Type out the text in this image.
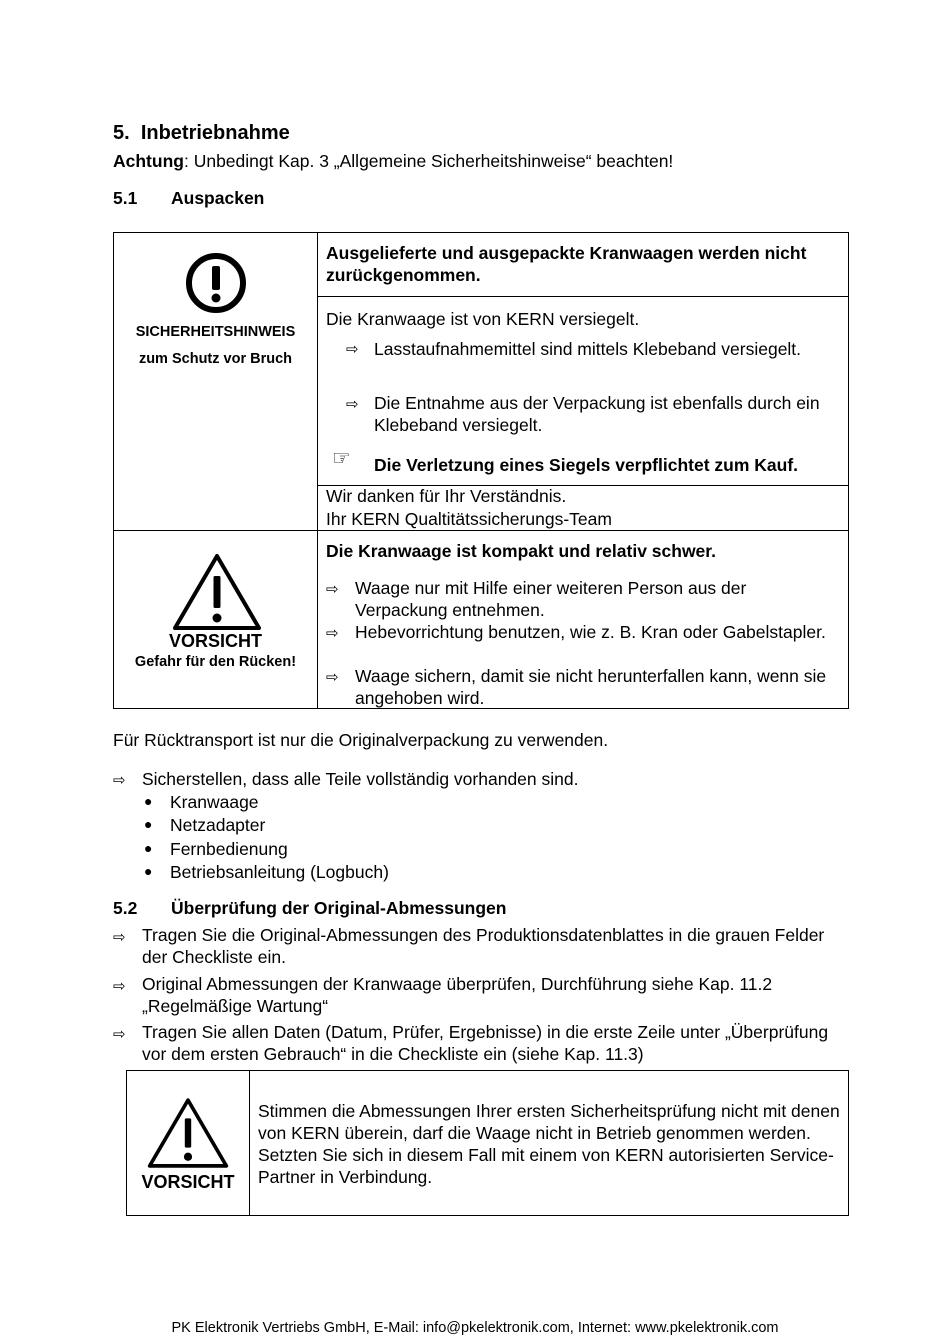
5. Inbetriebnahme
Achtung: Unbedingt Kap. 3 „Allgemeine Sicherheitshinweise“ beachten!
5.1 Auspacken
SICHERHEITSHINWEIS
zum Schutz vor Bruch
Ausgelieferte und ausgepackte Kranwaagen werden nicht zurückgenommen.
Die Kranwaage ist von KERN versiegelt.
⇨ Lasstaufnahmemittel sind mittels Klebeband versiegelt.
⇨ Die Entnahme aus der Verpackung ist ebenfalls durch ein Klebeband versiegelt.
☞ Die Verletzung eines Siegels verpflichtet zum Kauf.
Wir danken für Ihr Verständnis.
Ihr KERN Qualtitätssicherungs-Team
VORSICHT
Gefahr für den Rücken!
Die Kranwaage ist kompakt und relativ schwer.
⇨ Waage nur mit Hilfe einer weiteren Person aus der Verpackung entnehmen.
⇨ Hebevorrichtung benutzen, wie z. B. Kran oder Gabelstapler.
⇨ Waage sichern, damit sie nicht herunterfallen kann, wenn sie angehoben wird.
Für Rücktransport ist nur die Originalverpackung zu verwenden.
⇨ Sicherstellen, dass alle Teile vollständig vorhanden sind.
● Kranwaage
● Netzadapter
● Fernbedienung
● Betriebsanleitung (Logbuch)
5.2 Überprüfung der Original-Abmessungen
⇨ Tragen Sie die Original-Abmessungen des Produktionsdatenblattes in die grauen Felder der Checkliste ein.
⇨ Original Abmessungen der Kranwaage überprüfen, Durchführung siehe Kap. 11.2 „Regelmäßige Wartung“
⇨ Tragen Sie allen Daten (Datum, Prüfer, Ergebnisse) in die erste Zeile unter „Überprüfung vor dem ersten Gebrauch“ in die Checkliste ein (siehe Kap. 11.3)
VORSICHT
Stimmen die Abmessungen Ihrer ersten Sicherheitsprüfung nicht mit denen von KERN überein, darf die Waage nicht in Betrieb genommen werden. Setzten Sie sich in diesem Fall mit einem von KERN autorisierten Service-Partner in Verbindung.
PK Elektronik Vertriebs GmbH, E-Mail: info@pkelektronik.com, Internet: www.pkelektronik.com
